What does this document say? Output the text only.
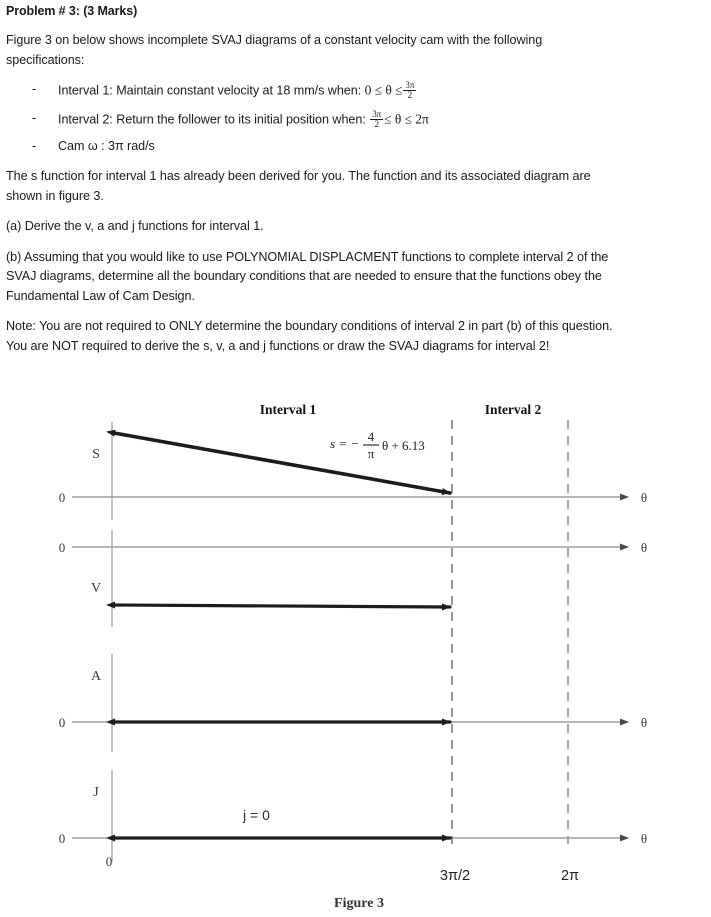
Problem # 3: (3 Marks)

Figure 3 on below shows incomplete SVAJ diagrams of a constant velocity cam with the following
specifications:

- Interval 1: Maintain constant velocity at 18 mm/s when: $0 \le \theta \le \frac{3\pi}{2}$
- Interval 2: Return the follower to its initial position when: $\frac{3\pi}{2} \le \theta \le 2\pi$
- Cam ω : 3π rad/s

The s function for interval 1 has already been derived for you. The function and its associated diagram are
shown in figure 3.

(a) Derive the v, a and j functions for interval 1.

(b) Assuming that you would like to use POLYNOMIAL DISPLACMENT functions to complete interval 2 of the
SVAJ diagrams, determine all the boundary conditions that are needed to ensure that the functions obey the
Fundamental Law of Cam Design.

Note: You are not required to ONLY determine the boundary conditions of interval 2 in part (b) of this question.
You are NOT required to derive the s, v, a and j functions or draw the SVAJ diagrams for interval 2!

Interval 1	Interval 2
S
0	θ
s = − 4
π
θ + 6.13
0	θ
V
A
0	θ
J
0	θ
j = 0
0
3π/2	2π
Figure 3
